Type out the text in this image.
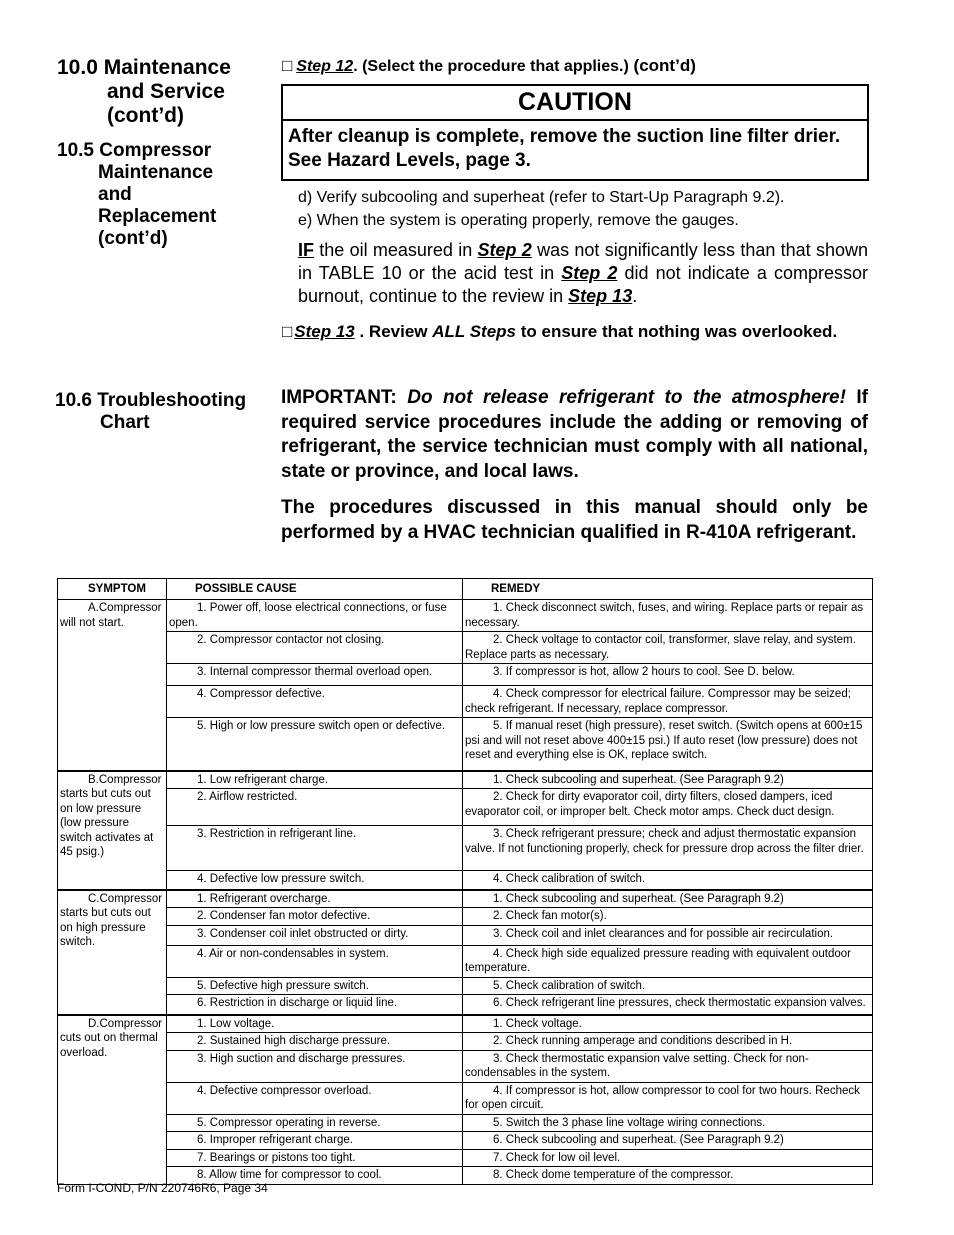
10.0 Maintenance
and Service
(cont’d)
10.5 Compressor
Maintenance
and
Replacement
(cont’d)
10.6 Troubleshooting
Chart
□ Step 12. (Select the procedure that applies.) (cont’d)
CAUTION
After cleanup is complete, remove the suction line filter drier. See Hazard Levels, page 3.
d) Verify subcooling and superheat (refer to Start-Up Paragraph 9.2).
e) When the system is operating properly, remove the gauges.
IF the oil measured in Step 2 was not significantly less than that shown in TABLE 10 or the acid test in Step 2 did not indicate a compressor burnout, continue to the review in Step 13.
□ Step 13 . Review ALL Steps to ensure that nothing was overlooked.
IMPORTANT: Do not release refrigerant to the atmosphere! If required service procedures include the adding or removing of refrigerant, the service technician must comply with all national, state or province, and local laws.
The procedures discussed in this manual should only be performed by a HVAC technician qualified in R-410A refrigerant.
SYMPTOM	POSSIBLE CAUSE	REMEDY
A.Compressor will not start.	1. Power off, loose electrical connections, or fuse open.	1. Check disconnect switch, fuses, and wiring. Replace parts or repair as necessary.
	2. Compressor contactor not closing.	2. Check voltage to contactor coil, transformer, slave relay, and system. Replace parts as necessary.
	3. Internal compressor thermal overload open.	3. If compressor is hot, allow 2 hours to cool. See D. below.
	4. Compressor defective.	4. Check compressor for electrical failure. Compressor may be seized; check refrigerant. If necessary, replace compressor.
	5. High or low pressure switch open or defective.	5. If manual reset (high pressure), reset switch. (Switch opens at 600±15 psi and will not reset above 400±15 psi.) If auto reset (low pressure) does not reset and everything else is OK, replace switch.
B.Compressor starts but cuts out on low pressure (low pressure switch activates at 45 psig.)	1. Low refrigerant charge.	1. Check subcooling and superheat. (See Paragraph 9.2)
	2. Airflow restricted.	2. Check for dirty evaporator coil, dirty filters, closed dampers, iced evaporator coil, or improper belt. Check motor amps. Check duct design.
	3. Restriction in refrigerant line.	3. Check refrigerant pressure; check and adjust thermostatic expansion valve. If not functioning properly, check for pressure drop across the filter drier.
	4. Defective low pressure switch.	4. Check calibration of switch.
C.Compressor starts but cuts out on high pressure switch.	1. Refrigerant overcharge.	1. Check subcooling and superheat. (See Paragraph 9.2)
	2. Condenser fan motor defective.	2. Check fan motor(s).
	3. Condenser coil inlet obstructed or dirty.	3. Check coil and inlet clearances and for possible air recirculation.
	4. Air or non-condensables in system.	4. Check high side equalized pressure reading with equivalent outdoor temperature.
	5. Defective high pressure switch.	5. Check calibration of switch.
	6. Restriction in discharge or liquid line.	6. Check refrigerant line pressures, check thermostatic expansion valves.
D.Compressor cuts out on thermal overload.	1. Low voltage.	1. Check voltage.
	2. Sustained high discharge pressure.	2. Check running amperage and conditions described in H.
	3. High suction and discharge pressures.	3. Check thermostatic expansion valve setting. Check for non-condensables in the system.
	4. Defective compressor overload.	4. If compressor is hot, allow compressor to cool for two hours. Recheck for open circuit.
	5. Compressor operating in reverse.	5. Switch the 3 phase line voltage wiring connections.
	6. Improper refrigerant charge.	6. Check subcooling and superheat. (See Paragraph 9.2)
	7. Bearings or pistons too tight.	7. Check for low oil level.
	8. Allow time for compressor to cool.	8. Check dome temperature of the compressor.
Form I-COND, P/N 220746R6, Page 34
